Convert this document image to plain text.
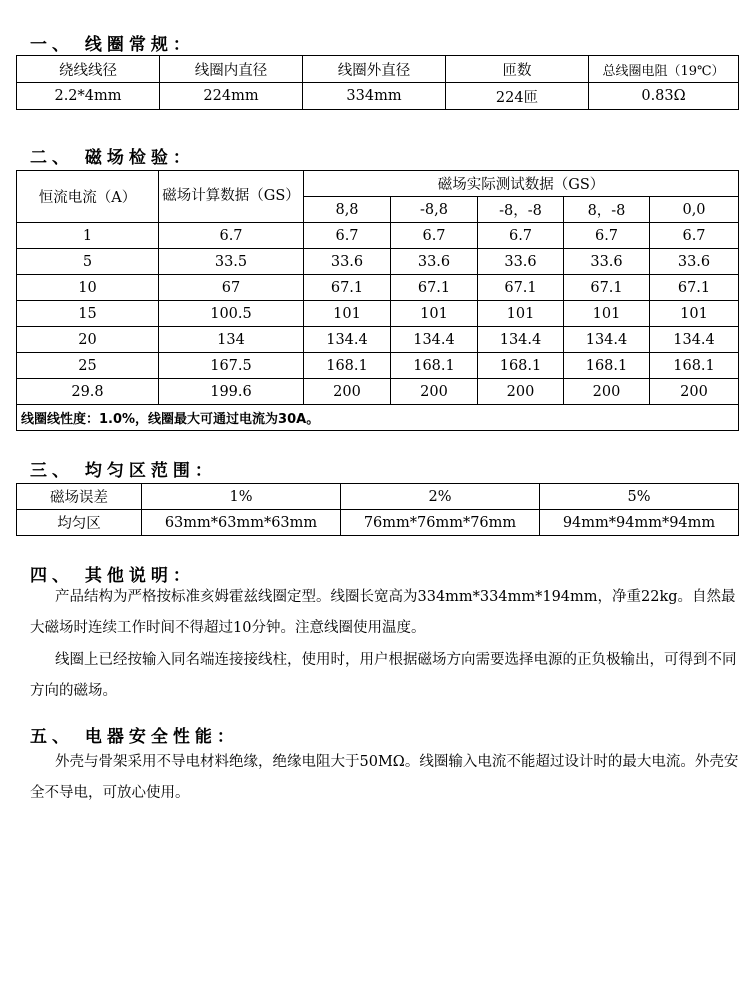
一、 线圈常规：
绕线线径	线圈内直径	线圈外直径	匝数	总线圈电阻（19℃）
2.2*4mm	224mm	334mm	224匝	0.83Ω
二、 磁场检验：
恒流电流（A）	磁场计算数据（GS）	磁场实际测试数据（GS）				
		8,8	-8,8	-8，-8	8，-8	0,0
1	6.7	6.7	6.7	6.7	6.7	6.7
5	33.5	33.6	33.6	33.6	33.6	33.6
10	67	67.1	67.1	67.1	67.1	67.1
15	100.5	101	101	101	101	101
20	134	134.4	134.4	134.4	134.4	134.4
25	167.5	168.1	168.1	168.1	168.1	168.1
29.8	199.6	200	200	200	200	200
线圈线性度：1.0%，线圈最大可通过电流为30A。						
三、 均匀区范围：
磁场误差	1%	2%	5%
均匀区	63mm*63mm*63mm	76mm*76mm*76mm	94mm*94mm*94mm
四、 其他说明：

产品结构为严格按标准亥姆霍兹线圈定型。线圈长宽高为334mm*334mm*194mm，净重22kg。自然最大磁场时连续工作时间不得超过10分钟。注意线圈使用温度。

线圈上已经按输入同名端连接接线柱，使用时，用户根据磁场方向需要选择电源的正负极输出，可得到不同方向的磁场。

五、 电器安全性能：

外壳与骨架采用不导电材料绝缘，绝缘电阻大于50MΩ。线圈输入电流不能超过设计时的最大电流。外壳安全不导电，可放心使用。
